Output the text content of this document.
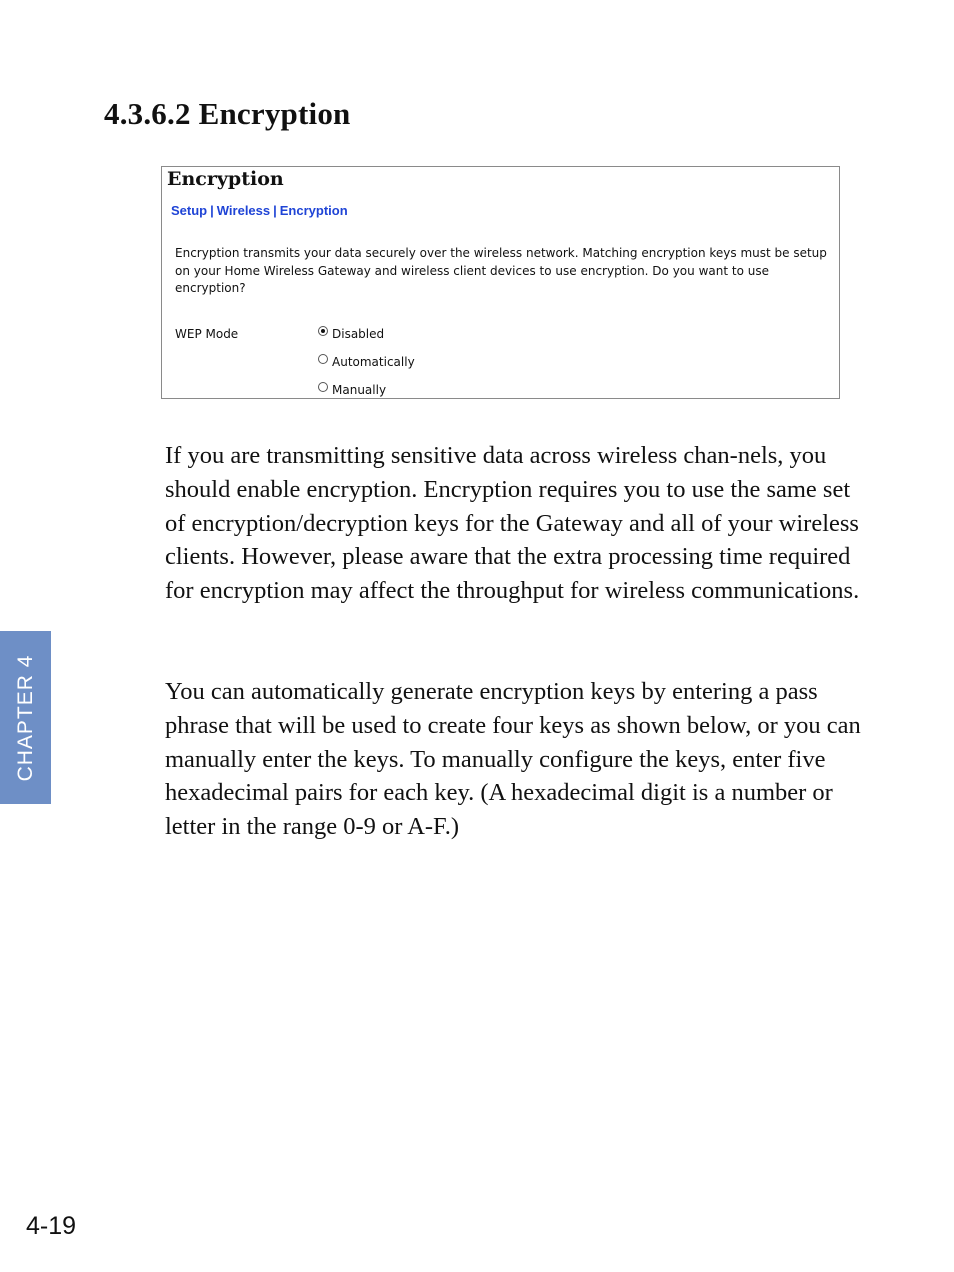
4.3.6.2 Encryption
Encryption
Setup | Wireless | Encryption
Encryption transmits your data securely over the wireless network. Matching encryption keys must be setup on your Home Wireless Gateway and wireless client devices to use encryption. Do you want to use encryption?
WEP Mode	Disabled
Automatically
Manually

If you are transmitting sensitive data across wireless chan-nels, you should enable encryption. Encryption requires you to use the same set of encryption/decryption keys for the Gateway and all of your wireless clients. However, please aware that the extra processing time required for encryption may affect the throughput for wireless communications.

You can automatically generate encryption keys by entering a pass phrase that will be used to create four keys as shown below, or you can manually enter the keys. To manually configure the keys, enter five hexadecimal pairs for each key. (A hexadecimal digit is a number or letter in the range 0-9 or A-F.)

CHAPTER 4
4-19
